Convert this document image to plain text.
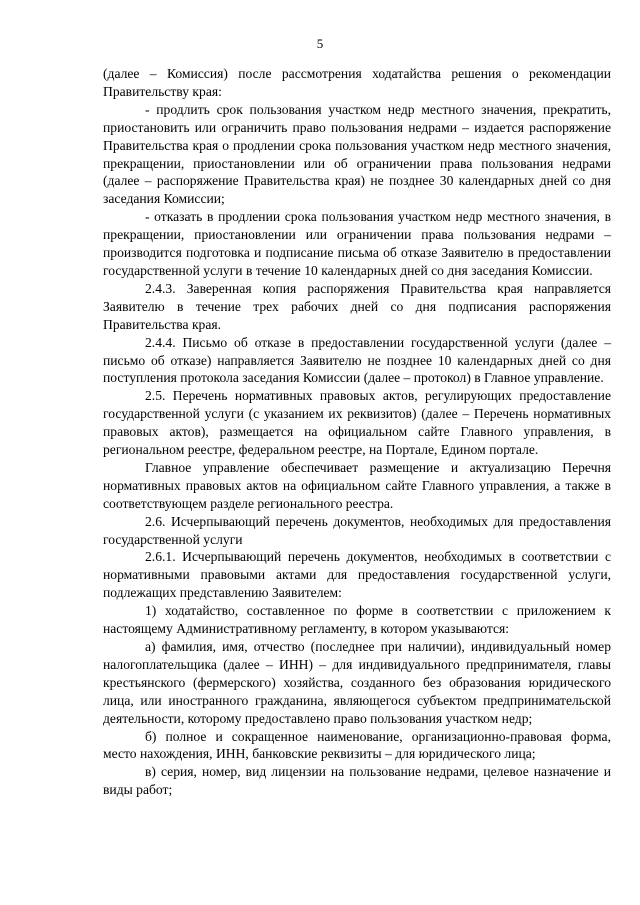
5

(далее – Комиссия) после рассмотрения ходатайства решения о рекомендации Правительству края:

- продлить срок пользования участком недр местного значения, прекратить, приостановить или ограничить право пользования недрами – издается распоряжение Правительства края о продлении срока пользования участком недр местного значения, прекращении, приостановлении или об ограничении права пользования недрами (далее – распоряжение Правительства края) не позднее 30 календарных дней со дня заседания Комиссии;

- отказать в продлении срока пользования участком недр местного значения, в прекращении, приостановлении или ограничении права пользования недрами – производится подготовка и подписание письма об отказе Заявителю в предоставлении государственной услуги в течение 10 календарных дней со дня заседания Комиссии.

2.4.3. Заверенная копия распоряжения Правительства края направляется Заявителю в течение трех рабочих дней со дня подписания распоряжения Правительства края.

2.4.4. Письмо об отказе в предоставлении государственной услуги (далее – письмо об отказе) направляется Заявителю не позднее 10 календарных дней со дня поступления протокола заседания Комиссии (далее – протокол) в Главное управление.

2.5. Перечень нормативных правовых актов, регулирующих предоставление государственной услуги (с указанием их реквизитов) (далее – Перечень нормативных правовых актов), размещается на официальном сайте Главного управления, в региональном реестре, федеральном реестре, на Портале, Едином портале.

Главное управление обеспечивает размещение и актуализацию Перечня нормативных правовых актов на официальном сайте Главного управления, а также в соответствующем разделе регионального реестра.

2.6. Исчерпывающий перечень документов, необходимых для предоставления государственной услуги

2.6.1. Исчерпывающий перечень документов, необходимых в соответствии с нормативными правовыми актами для предоставления государственной услуги, подлежащих представлению Заявителем:

1) ходатайство, составленное по форме в соответствии с приложением к настоящему Административному регламенту, в котором указываются:

а) фамилия, имя, отчество (последнее при наличии), индивидуальный номер налогоплательщика (далее – ИНН) – для индивидуального предпринимателя, главы крестьянского (фермерского) хозяйства, созданного без образования юридического лица, или иностранного гражданина, являющегося субъектом предпринимательской деятельности, которому предоставлено право пользования участком недр;

б) полное и сокращенное наименование, организационно-правовая форма, место нахождения, ИНН, банковские реквизиты – для юридического лица;

в) серия, номер, вид лицензии на пользование недрами, целевое назначение и виды работ;
